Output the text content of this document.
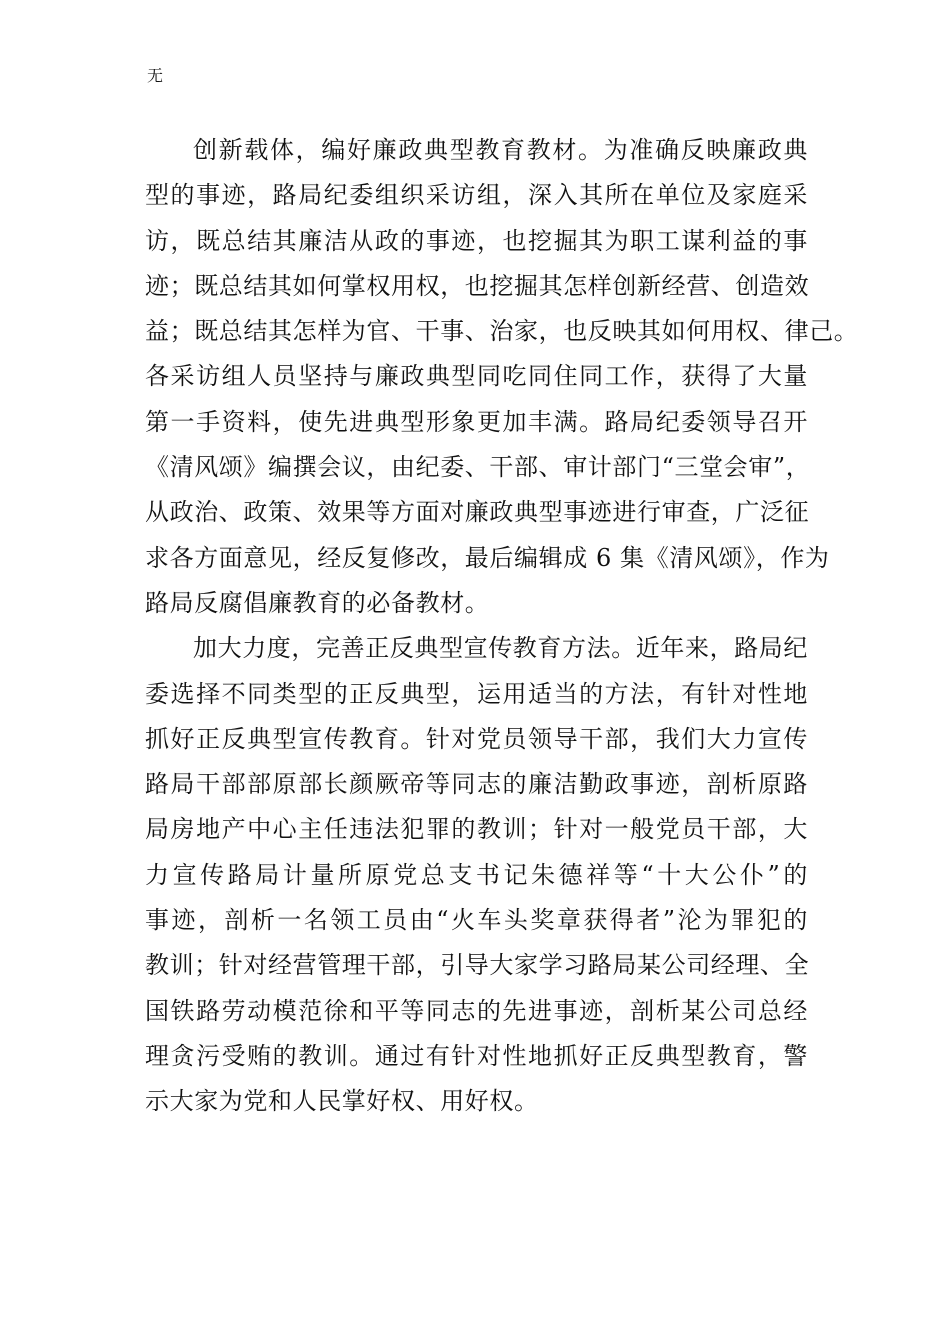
无

创新载体，编好廉政典型教育教材。为准确反映廉政典
型的事迹，路局纪委组织采访组，深入其所在单位及家庭采
访，既总结其廉洁从政的事迹，也挖掘其为职工谋利益的事
迹；既总结其如何掌权用权，也挖掘其怎样创新经营、创造效
益；既总结其怎样为官、干事、治家，也反映其如何用权、律己。
各采访组人员坚持与廉政典型同吃同住同工作，获得了大量
第一手资料，使先进典型形象更加丰满。路局纪委领导召开
《清风颂》编撰会议，由纪委、干部、审计部门“三堂会审”，
从政治、政策、效果等方面对廉政典型事迹进行审查，广泛征
求各方面意见，经反复修改，最后编辑成 6 集《清风颂》，作为
路局反腐倡廉教育的必备教材。

加大力度，完善正反典型宣传教育方法。近年来，路局纪
委选择不同类型的正反典型，运用适当的方法，有针对性地
抓好正反典型宣传教育。针对党员领导干部，我们大力宣传
路局干部部原部长颜厥帝等同志的廉洁勤政事迹，剖析原路
局房地产中心主任违法犯罪的教训；针对一般党员干部，大
力宣传路局计量所原党总支书记朱德祥等“十大公仆”的
事迹，剖析一名领工员由“火车头奖章获得者”沦为罪犯的
教训；针对经营管理干部，引导大家学习路局某公司经理、全
国铁路劳动模范徐和平等同志的先进事迹，剖析某公司总经
理贪污受贿的教训。通过有针对性地抓好正反典型教育，警
示大家为党和人民掌好权、用好权。
